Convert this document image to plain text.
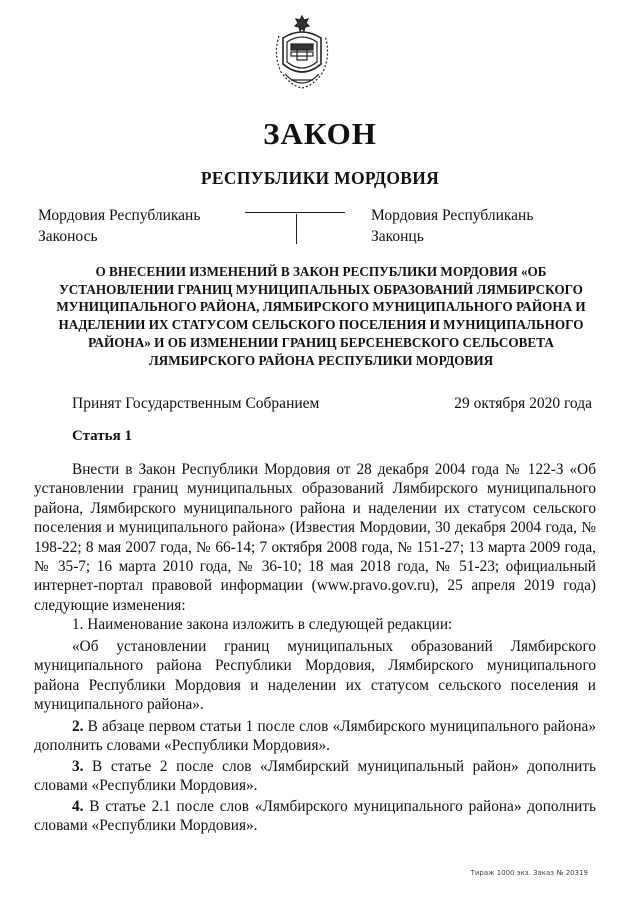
ЗАКОН
РЕСПУБЛИКИ МОРДОВИЯ
Мордовия Республикань
Законось
Мордовия Республикань
Законць
О ВНЕСЕНИИ ИЗМЕНЕНИЙ В ЗАКОН РЕСПУБЛИКИ МОРДОВИЯ «ОБ УСТАНОВЛЕНИИ ГРАНИЦ МУНИЦИПАЛЬНЫХ ОБРАЗОВАНИЙ ЛЯМБИРСКОГО МУНИЦИПАЛЬНОГО РАЙОНА, ЛЯМБИРСКОГО МУНИЦИПАЛЬНОГО РАЙОНА И НАДЕЛЕНИИ ИХ СТАТУСОМ СЕЛЬСКОГО ПОСЕЛЕНИЯ И МУНИЦИПАЛЬНОГО РАЙОНА» И ОБ ИЗМЕНЕНИИ ГРАНИЦ БЕРСЕНЕВСКОГО СЕЛЬСОВЕТА ЛЯМБИРСКОГО РАЙОНА РЕСПУБЛИКИ МОРДОВИЯ
Принят Государственным Собранием	29 октября 2020 года
Статья 1

Внести в Закон Республики Мордовия от 28 декабря 2004 года № 122-З «Об установлении границ муниципальных образований Лямбирского муниципального района, Лямбирского муниципального района и наделении их статусом сельского поселения и муниципального района» (Известия Мордовии, 30 декабря 2004 года, № 198-22; 8 мая 2007 года, № 66-14; 7 октября 2008 года, № 151-27; 13 марта 2009 года, № 35-7; 16 марта 2010 года, № 36-10; 18 мая 2018 года, № 51-23; официальный интернет-портал правовой информации (www.pravo.gov.ru), 25 апреля 2019 года) следующие изменения:

1. Наименование закона изложить в следующей редакции:

«Об установлении границ муниципальных образований Лямбирского муниципального района Республики Мордовия, Лямбирского муниципального района Республики Мордовия и наделении их статусом сельского поселения и муниципального района».

2. В абзаце первом статьи 1 после слов «Лямбирского муниципального района» дополнить словами «Республики Мордовия».

3. В статье 2 после слов «Лямбирский муниципальный район» дополнить словами «Республики Мордовия».

4. В статье 2.1 после слов «Лямбирского муниципального района» дополнить словами «Республики Мордовия».

Тираж 1000 экз. Заказ № 20319
